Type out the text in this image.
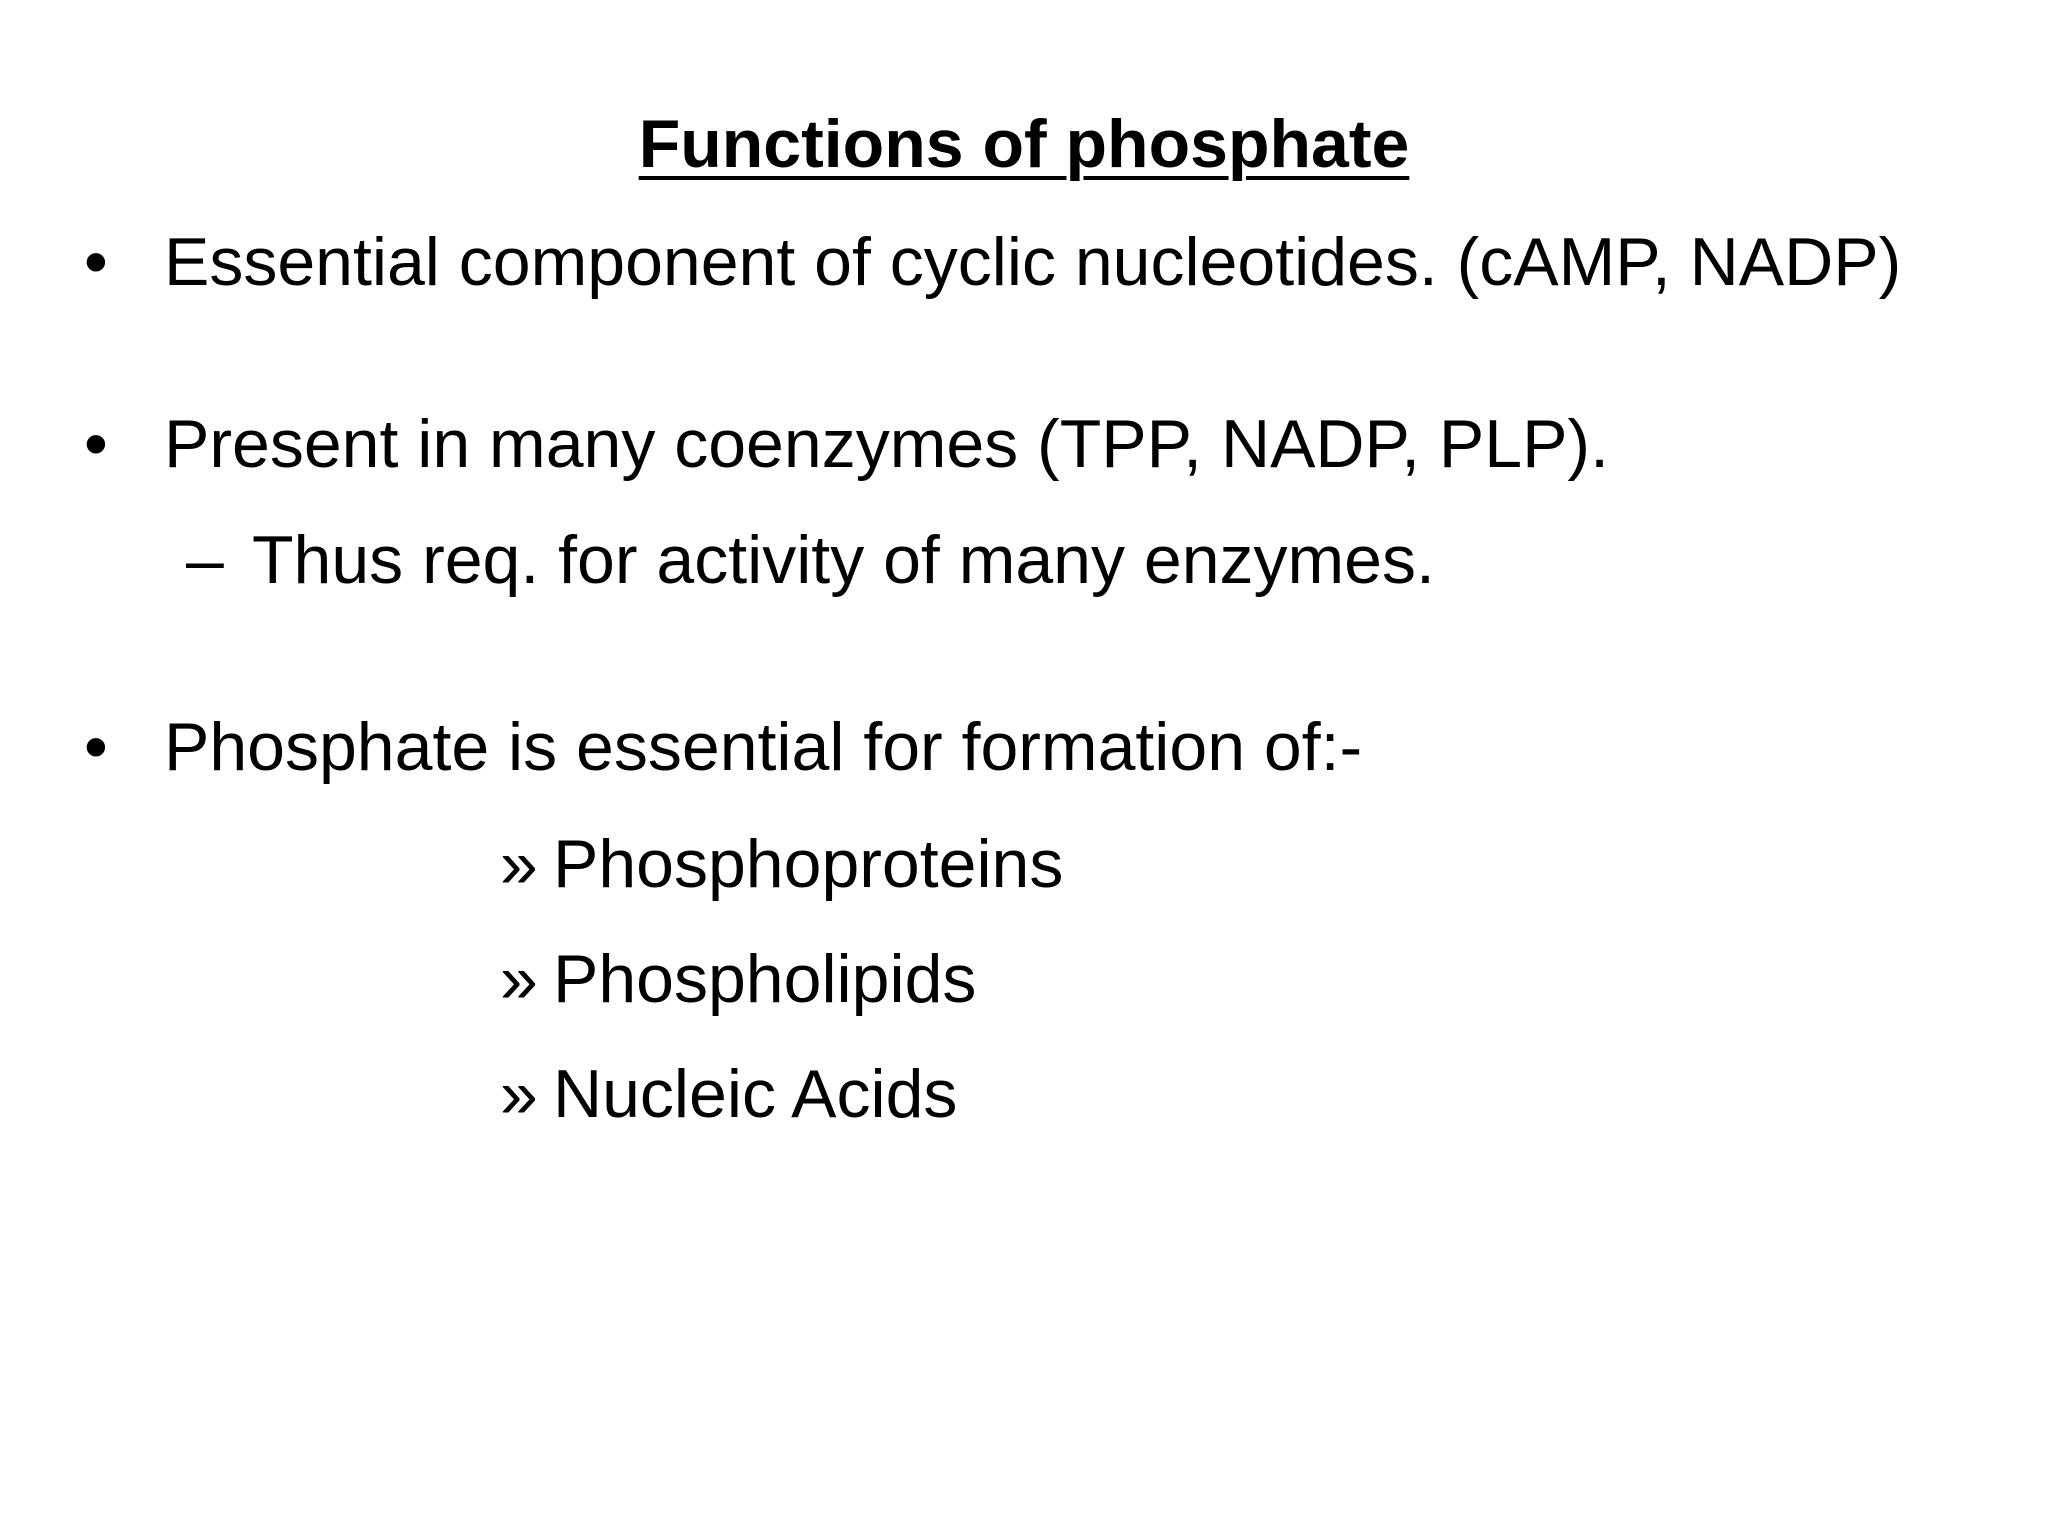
Functions of phosphate
• Essential component of cyclic nucleotides. (cAMP, NADP)
• Present in many coenzymes (TPP, NADP, PLP).
– Thus req. for activity of many enzymes.
• Phosphate is essential for formation of:-
» Phosphoproteins
» Phospholipids
» Nucleic Acids
